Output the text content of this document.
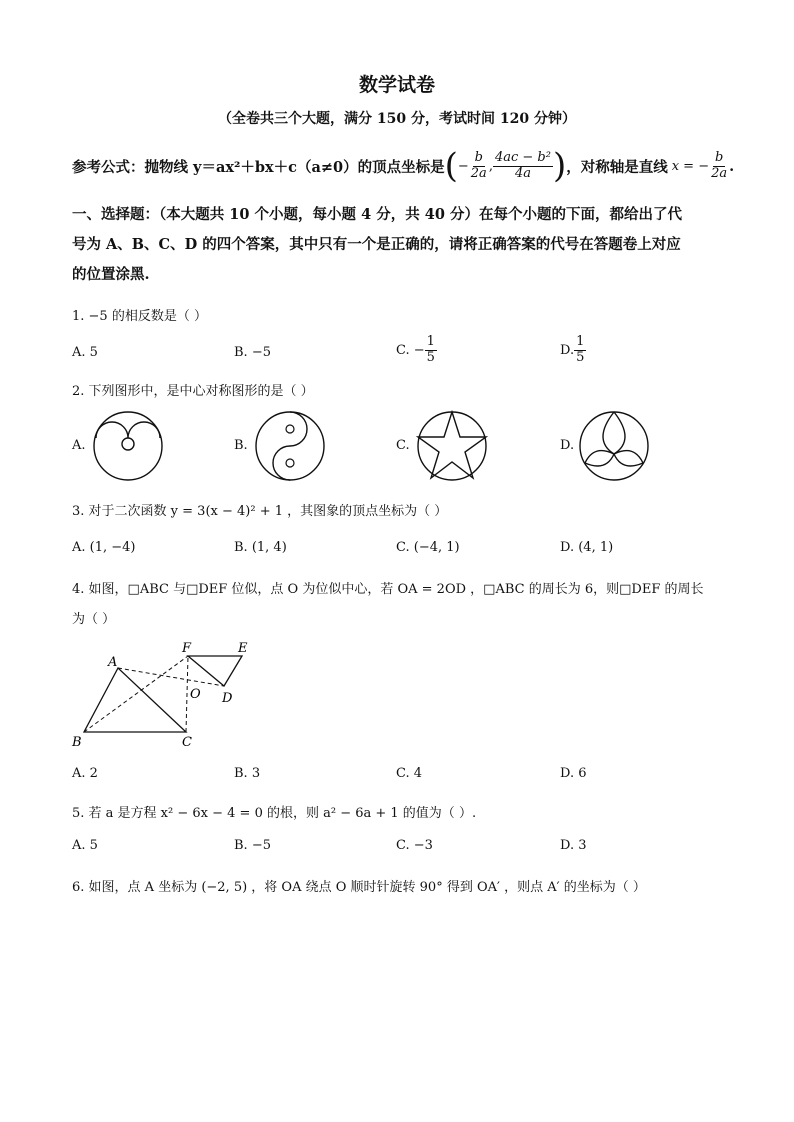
数学试卷
（全卷共三个大题，满分 150 分，考试时间 120 分钟）
参考公式：抛物线 y＝ax²＋bx＋c（a≠0）的顶点坐标是 ( − $\frac{b}{2a}$ , $\frac{\text{4ac − b²}}{4a}$ ) ，对称轴是直线 x = − $\frac{b}{2a}$ .
一、选择题：（本大题共 10 个小题，每小题 4 分，共 40 分）在每个小题的下面，都给出了代
号为 A、B、C、D 的四个答案，其中只有一个是正确的，请将正确答案的代号在答题卷上对应
的位置涂黑.
1. −5 的相反数是（ ）
A. 5	B. −5	C. − $\frac{1}{5}$	D. $\frac{1}{5}$
2. 下列图形中，是中心对称图形的是（ ）
A.	B.	C.	D.
3. 对于二次函数 y = 3(x − 4)² + 1 ，其图象的顶点坐标为（ ）
A. (1, −4)	B. (1, 4)	C. (−4, 1)	D. (4, 1)
4. 如图，□ABC 与□DEF 位似，点 O 为位似中心，若 OA = 2OD ，□ABC 的周长为 6，则□DEF 的周长
为（ ）
A
B	C
D
E
F
O
A. 2	B. 3	C. 4	D. 6
5. 若 a 是方程 x² − 6x − 4 = 0 的根，则 a² − 6a + 1 的值为（ ）.
A. 5	B. −5	C. −3	D. 3
6. 如图，点 A 坐标为 (−2, 5) ，将 OA 绕点 O 顺时针旋转 90° 得到 OA′ ，则点 A′ 的坐标为（ ）
